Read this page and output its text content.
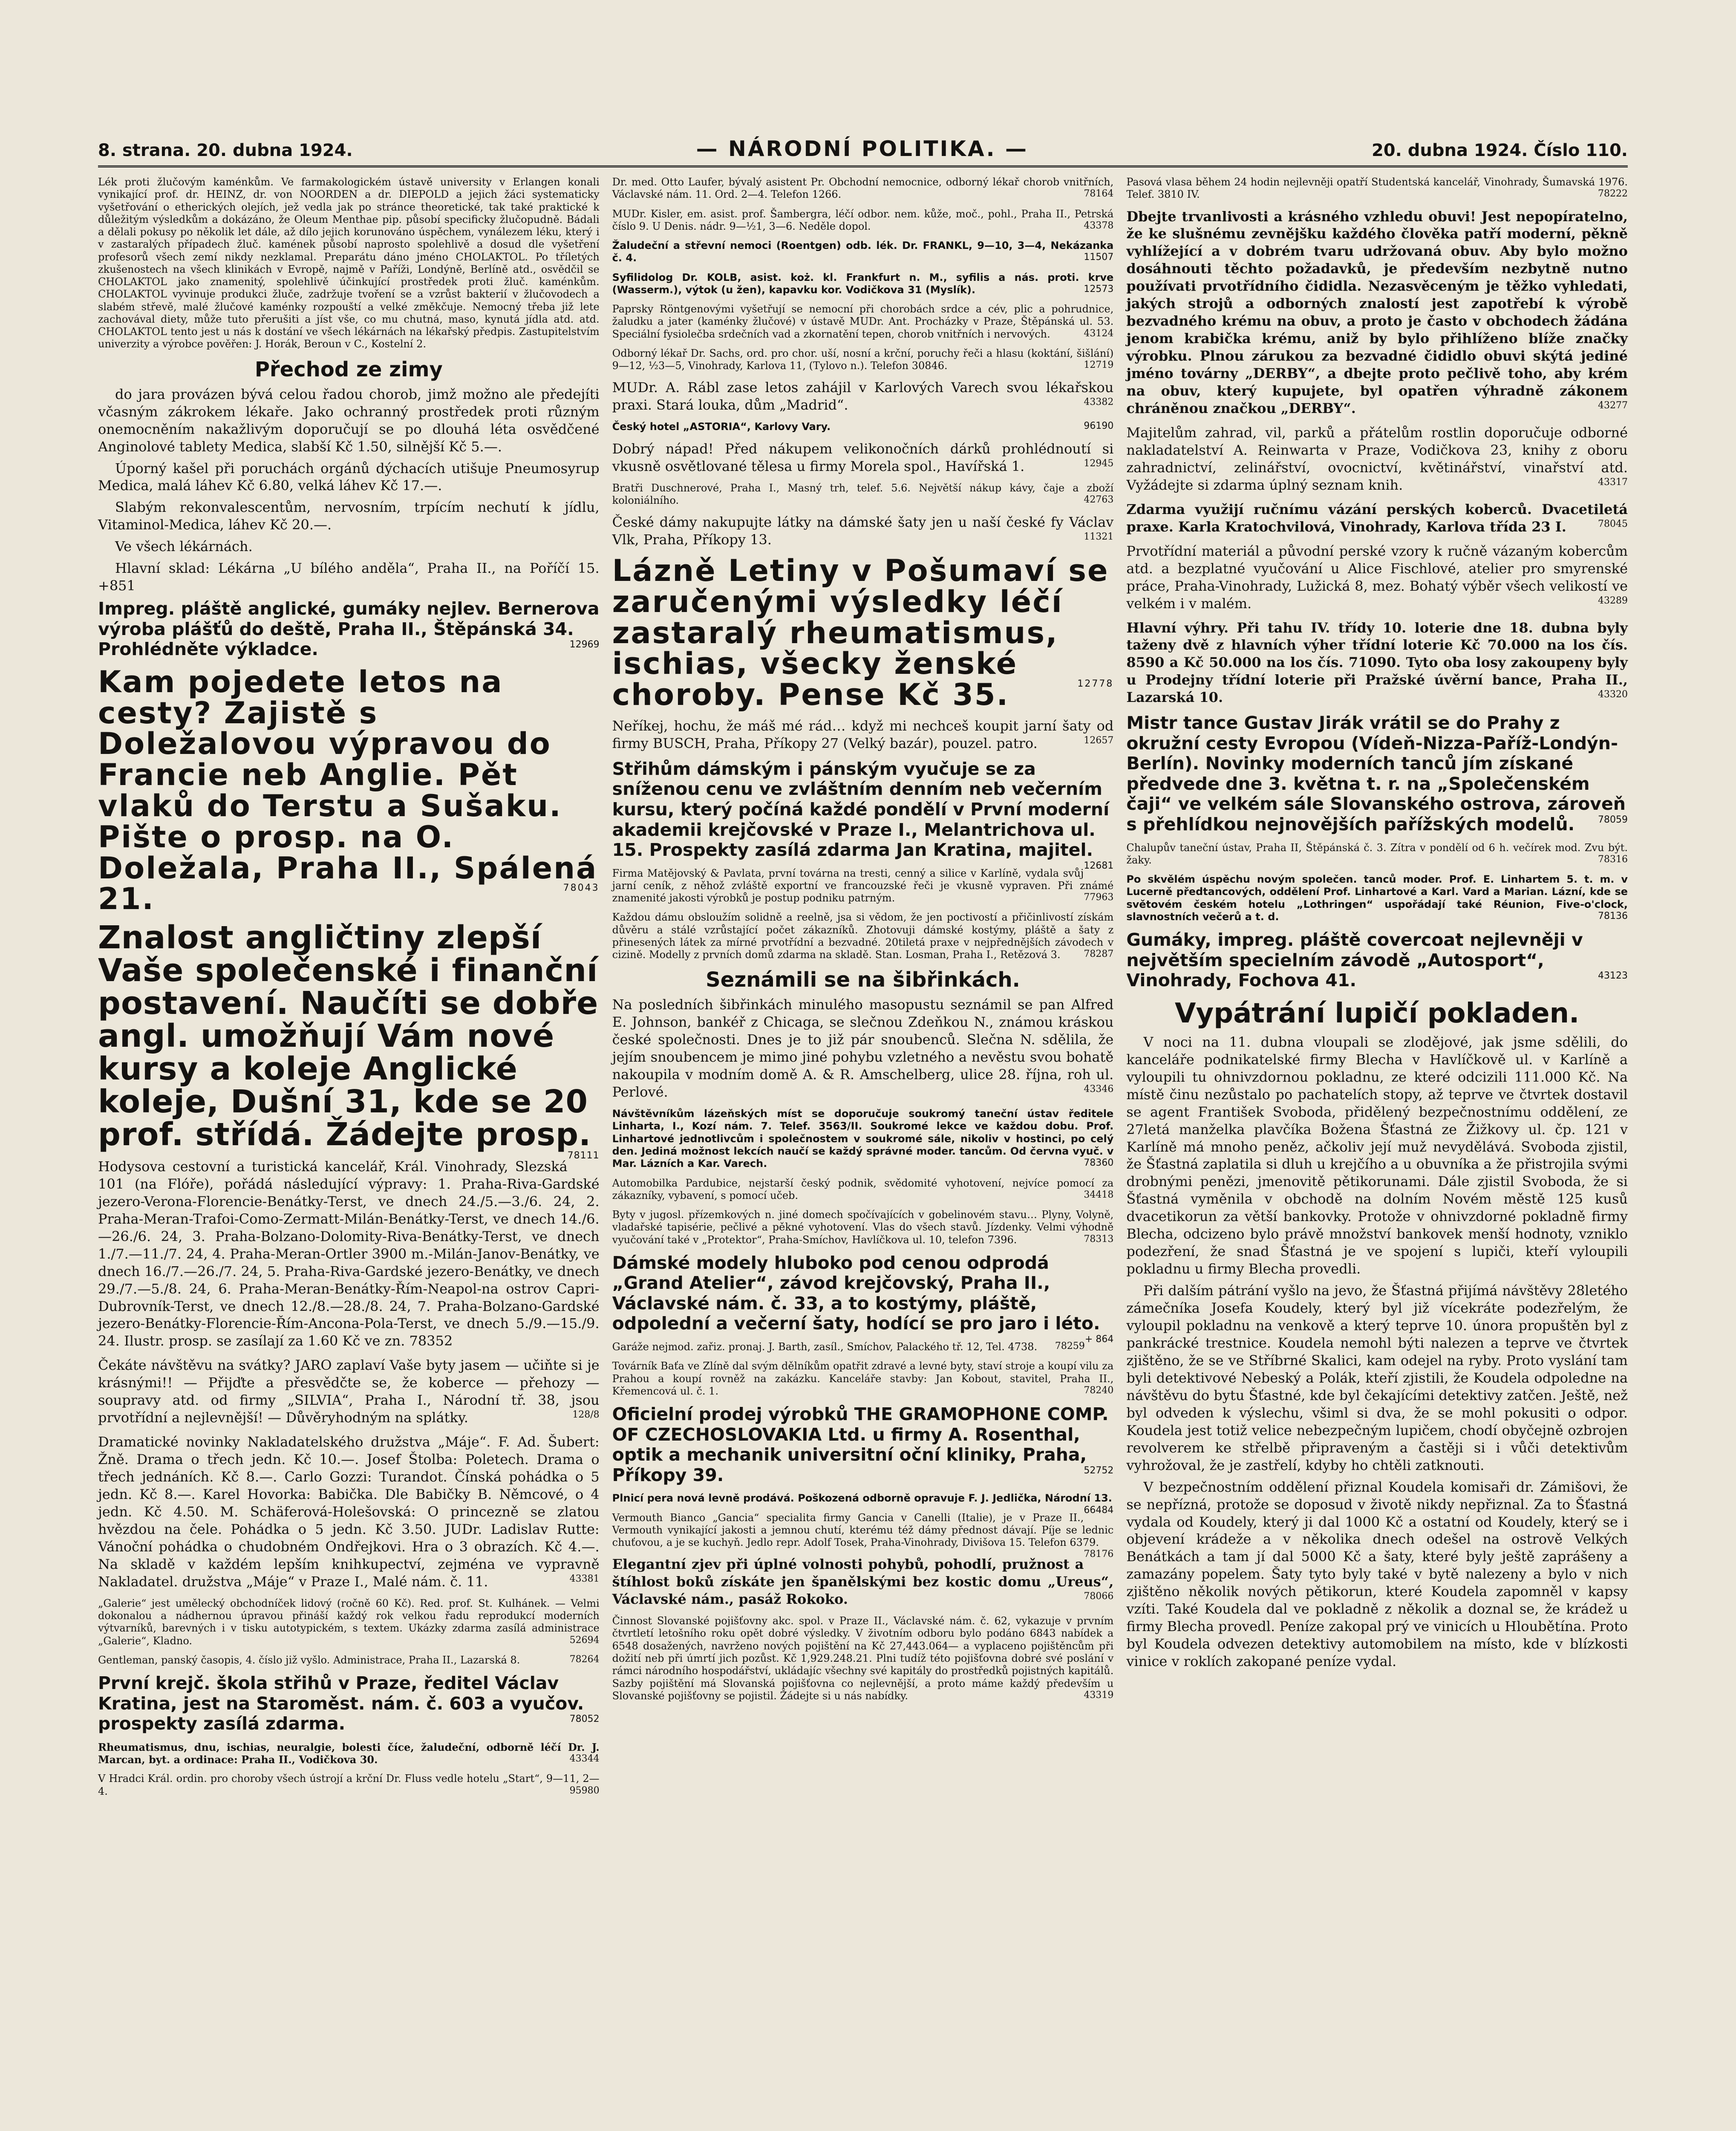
8. strana. 20. dubna 1924.	— NÁRODNÍ POLITIKA. —	20. dubna 1924. Číslo 110.

Lék proti žlučovým kaménkům. Ve farmakologickém ústavě university v Erlangen konali vynikající prof. dr. HEINZ, dr. von NOORDEN a dr. DIEPOLD a jejich žáci systematicky vyšetřování o etherických olejích, jež vedla jak po stránce theoretické, tak také praktické k důležitým výsledkům a dokázáno, že Oleum Menthae pip. působí specificky žlučopudně. Bádali a dělali pokusy po několik let dále, až dílo jejich korunováno úspěchem, vynálezem léku, který i v zastaralých případech žluč. kamének působí naprosto spolehlivě a dosud dle vyšetření profesorů všech zemí nikdy nezklamal. Preparátu dáno jméno CHOLAKTOL. Po tříletých zkušenostech na všech klinikách v Evropě, najmě v Paříži, Londýně, Berlíně atd., osvědčil se CHOLAKTOL jako znamenitý, spolehlivě účinkující prostředek proti žluč. kaménkům. CHOLAKTOL vyvinuje produkci žluče, zadržuje tvoření se a vzrůst bakterií v žlučovodech a slabém střevě, malé žlučové kaménky rozpouští a velké změkčuje. Nemocný třeba již lete zachovával diety, může tuto přerušiti a jíst vše, co mu chutná, maso, kynutá jídla atd. atd. CHOLAKTOL tento jest u nás k dostání ve všech lékárnách na lékařský předpis. Zastupitelstvím univerzity a výrobce pověřen: J. Horák, Beroun v C., Kostelní 2.

Přechod ze zimy

do jara provázen bývá celou řadou chorob, jimž možno ale předejíti včasným zákrokem lékaře. Jako ochranný prostředek proti různým onemocněním nakažlivým doporučují se po dlouhá léta osvědčené Anginolové tablety Medica, slabší Kč 1.50, silnější Kč 5.—.

Úporný kašel při poruchách orgánů dýchacích utišuje Pneumosyrup Medica, malá láhev Kč 6.80, velká láhev Kč 17.—.

Slabým rekonvalescentům, nervosním, trpícím nechutí k jídlu, Vitaminol-Medica, láhev Kč 20.—.

Ve všech lékárnách.

Hlavní sklad: Lékárna „U bílého anděla“, Praha II., na Poříčí 15. +851

Impreg. pláště anglické, gumáky nejlev. Bernerova výroba plášťů do deště, Praha II., Štěpánská 34. Prohlédněte výkladce.	12969

Kam pojedete letos na cesty? Zajistě s Doležalovou výpravou do Francie neb Anglie. Pět vlaků do Terstu a Sušaku. Pište o prosp. na O. Doležala, Praha II., Spálená 21.	78043

Znalost angličtiny zlepší Vaše společenské i finanční postavení. Naučíti se dobře angl. umožňují Vám nové kursy a koleje Anglické koleje, Dušní 31, kde se 20 prof. střídá. Žádejte prosp.
78111

Hodysova cestovní a turistická kancelář, Král. Vinohrady, Slezská 101 (na Flóře), pořádá následující výpravy: 1. Praha-Riva-Gardské jezero-Verona-Florencie-Benátky-Terst, ve dnech 24./5.—3./6. 24, 2. Praha-Meran-Trafoi-Como-Zermatt-Milán-Benátky-Terst, ve dnech 14./6.—26./6. 24, 3. Praha-Bolzano-Dolomity-Riva-Benátky-Terst, ve dnech 1./7.—11./7. 24, 4. Praha-Meran-Ortler 3900 m.-Milán-Janov-Benátky, ve dnech 16./7.—26./7. 24, 5. Praha-Riva-Gardské jezero-Benátky, ve dnech 29./7.—5./8. 24, 6. Praha-Meran-Benátky-Řím-Neapol-na ostrov Capri-Dubrovník-Terst, ve dnech 12./8.—28./8. 24, 7. Praha-Bolzano-Gardské jezero-Benátky-Florencie-Řím-Ancona-Pola-Terst, ve dnech 5./9.—15./9. 24. Ilustr. prosp. se zasílají za 1.60 Kč ve zn. 78352

Čekáte návštěvu na svátky? JARO zaplaví Vaše byty jasem — učiňte si je krásnými!! — Přijďte a přesvědčte se, že koberce — přehozy — soupravy atd. od firmy „SILVIA“, Praha I., Národní tř. 38, jsou prvotřídní a nejlevnější! — Důvěryhodným na splátky.	128/8

Dramatické novinky Nakladatelského družstva „Máje“. F. Ad. Šubert: Žně. Drama o třech jedn. Kč 10.—. Josef Štolba: Poletech. Drama o třech jednáních. Kč 8.—. Carlo Gozzi: Turandot. Čínská pohádka o 5 jedn. Kč 8.—. Karel Hovorka: Babička. Dle Babičky B. Němcové, o 4 jedn. Kč 4.50. M. Schäferová-Holešovská: O princezně se zlatou hvězdou na čele. Pohádka o 5 jedn. Kč 3.50. JUDr. Ladislav Rutte: Vánoční pohádka o chudobném Ondřejkovi. Hra o 3 obrazích. Kč 4.—. Na skladě v každém lepším knihkupectví, zejména ve vypravně Nakladatel. družstva „Máje“ v Praze I., Malé nám. č. 11.	43381

„Galerie“ jest umělecký obchodníček lidový (ročně 60 Kč). Red. prof. St. Kulhánek. — Velmi dokonalou a nádhernou úpravou přináší každý rok velkou řadu reprodukcí moderních výtvarníků, barevných i v tisku autotypickém, s textem. Ukázky zdarma zasílá administrace „Galerie“, Kladno.	52694

Gentleman, panský časopis, 4. číslo již vyšlo. Administrace, Praha II., Lazarská 8.	78264

První krejč. škola střihů v Praze, ředitel Václav Kratina, jest na Staroměst. nám. č. 603 a vyučov. prospekty zasílá zdarma.	78052

Rheumatismus, dnu, ischias, neuralgie, bolesti číce, žaludeční, odborně léčí Dr. J. Marcan, byt. a ordinace: Praha II., Vodičkova 30.	43344

V Hradci Král. ordin. pro choroby všech ústrojí a krční Dr. Fluss vedle hotelu „Start“, 9—11, 2—4.	95980

Dr. med. Otto Laufer, bývalý asistent Pr. Obchodní nemocnice, odborný lékař chorob vnitřních, Václavské nám. 11. Ord. 2—4. Telefon 1266.	78164

MUDr. Kisler, em. asist. prof. Šambergra, léčí odbor. nem. kůže, moč., pohl., Praha II., Petrská číslo 9. U Denis. nádr. 9—½1, 3—6. Neděle dopol.	43378

Žaludeční a střevní nemoci (Roentgen) odb. lék. Dr. FRANKL, 9—10, 3—4, Nekázanka č. 4.	11507

Syfilidolog Dr. KOLB, asist. koż. kl. Frankfurt n. M., syfilis a nás. proti. krve (Wasserm.), výtok (u žen), kapavku kor. Vodičkova 31 (Myslík).	12573

Paprsky Röntgenovými vyšetřují se nemocní při chorobách srdce a cév, plic a pohrudnice, žaludku a jater (kaménky žlučové) v ústavě MUDr. Ant. Procházky v Praze, Štěpánská ul. 53. Speciální fysiolečba srdečních vad a zkornatění tepen, chorob vnitřních i nervových.	43124

Odborný lékař Dr. Sachs, ord. pro chor. uší, nosní a krční, poruchy řeči a hlasu (koktání, šišlání) 9—12, ½3—5, Vinohrady, Karlova 11, (Tylovo n.). Telefon 30846.	12719

MUDr. A. Rábl zase letos zahájil v Karlových Varech svou lékařskou praxi. Stará louka, dům „Madrid“.	43382

Český hotel „ASTORIA“, Karlovy Vary.	96190

Dobrý nápad! Před nákupem velikonočních dárků prohlédnoutí si vkusně osvětlované tělesa u firmy Morela spol., Havířská 1.	12945

Bratři Duschnerové, Praha I., Masný trh, telef. 5.6. Největší nákup kávy, čaje a zboží koloniálního.	42763

České dámy nakupujte látky na dámské šaty jen u naší české fy Václav Vlk, Praha, Příkopy 13.	11321

Lázně Letiny v Pošumaví se zaručenými výsledky léčí zastaralý rheumatismus, ischias, všecky ženské choroby. Pense Kč 35.	12778

Neříkej, hochu, že máš mé rád… když mi nechceš koupit jarní šaty od firmy BUSCH, Praha, Příkopy 27 (Velký bazár), pouzel. patro.	12657

Střihům dámským i pánským vyučuje se za sníženou cenu ve zvláštním denním neb večerním kursu, který počíná každé pondělí v První moderní akademii krejčovské v Praze I., Melantrichova ul. 15. Prospekty zasílá zdarma Jan Kratina, majitel.
12681

Firma Matějovský & Pavlata, první továrna na tresti, cenný a silice v Karlíně, vydala svůj jarní ceník, z něhož zvláště exportní ve francouzské řeči je vkusně vypraven. Při známé znamenité jakosti výrobků je postup podniku patrným.	77963

Každou dámu obsloužím solidně a reelně, jsa si vědom, že jen poctivostí a přičinlivostí získám důvěru a stálé vzrůstající počet zákazníků. Zhotovuji dámské kostýmy, pláště a šaty z přinesených látek za mírné prvotřídní a bezvadné. 20tiletá praxe v nejpřednějších závodech v cizině. Modelly z prvních domů zdarma na skladě. Stan. Losman, Praha I., Retězová 3. 78287

Seznámili se na šibřinkách.

Na posledních šibřinkách minulého masopustu seznámil se pan Alfred E. Johnson, bankéř z Chicaga, se slečnou Zdeňkou N., známou kráskou české společnosti. Dnes je to již pár snoubenců. Slečna N. sdělila, že jejím snoubencem je mimo jiné pohybu vzletného a nevěstu svou bohatě nakoupila v modním domě A. & R. Amschelberg, ulice 28. října, roh ul. Perlové.	43346

Návštěvníkům lázeňských míst se doporučuje soukromý taneční ústav ředitele Linharta, I., Kozí nám. 7. Telef. 3563/II. Soukromé lekce ve každou dobu. Prof. Linhartové jednotlivcům i společnostem v soukromé sále, nikoliv v hostinci, po celý den. Jediná možnost lekcích naučí se každý správné moder. tancům. Od června vyuč. v Mar. Lázních a Kar. Varech.	78360

Automobilka Pardubice, nejstarší český podnik, svědomité vyhotovení, nejvíce pomocí za zákazníky, vybavení, s pomocí učeb.	34418

Byty v jugosl. přízemkových n. jiné domech spočívajících v gobelinovém stavu… Plyny, Volyně, vladařské tapisérie, pečlivé a pěkné vyhotovení. Vlas do všech stavů. Jízdenky. Velmi výhodně vyučování také v „Protektor“, Praha-Smíchov, Havlíčkova ul. 10, telefon 7396.	78313

Dámské modely hluboko pod cenou odprodá „Grand Atelier“, závod krejčovský, Praha II., Václavské nám. č. 33, a to kostýmy, pláště, odpolední a večerní šaty, hodící se pro jaro i léto.
+ 864

Garáže nejmod. zařiz. pronaj. J. Barth, zasíl., Smíchov, Palackého tř. 12, Tel. 4738. 78259

Továrník Baťa ve Zlíně dal svým dělníkům opatřit zdravé a levné byty, staví stroje a koupí vilu za Prahou a koupí rovněž na zakázku. Kanceláře stavby: Jan Kobout, stavitel, Praha II., Křemencová ul. č. 1.	78240

Oficielní prodej výrobků THE GRAMOPHONE COMP. OF CZECHOSLOVAKIA Ltd. u firmy A. Rosenthal, optik a mechanik universitní oční kliniky, Praha, Příkopy 39.	52752

Plnicí pera nová levně prodává. Poškozená odborně opravuje F. J. Jedlička, Národní 13.
66484

Vermouth Bianco „Gancia“ specialita firmy Gancia v Canelli (Italie), je v Praze II., Vermouth vynikající jakosti a jemnou chutí, kterému též dámy přednost dávají. Píje se lednic chuťovou, a je se kuchyň. Jedlo repr. Adolf Tosek, Praha-Vinohrady, Divišova 15. Telefon 6379.
78176

Elegantní zjev při úplné volnosti pohybů, pohodlí, pružnost a štíhlost boků získáte jen španělskými bez kostic domu „Ureus“, Václavské nám., pasáž Rokoko.	78066

Činnost Slovanské pojišťovny akc. spol. v Praze II., Václavské nám. č. 62, vykazuje v prvním čtvrtletí letošního roku opět dobré výsledky. V životním odboru bylo podáno 6843 nabídek a 6548 dosažených, navrženo nových pojištění na Kč 27,443.064— a vyplaceno pojištěncům při dožití neb při úmrtí jich pozůst. Kč 1,929.248.21. Plni tudíž této pojišťovna dobré své poslání v rámci národního hospodářství, ukládajíc všechny své kapitály do prostředků pojistných kapitálů. Sazby pojištění má Slovanská pojišťovna co nejlevnější, a proto máme každý především u Slovanské pojišťovny se pojistil. Žádejte si u nás nabídky.	43319

Pasová vlasa během 24 hodin nejlevněji opatří Studentská kancelář, Vinohrady, Šumavská 1976. Telef. 3810 IV.	78222

Dbejte trvanlivosti a krásného vzhledu obuvi! Jest nepopíratelno, že ke slušnému zevnějšku každého člověka patří moderní, pěkně vyhlížející a v dobrém tvaru udržovaná obuv. Aby bylo možno dosáhnouti těchto požadavků, je především nezbytně nutno používati prvotřídního čididla. Nezasvěceným je těžko vyhledati, jakých strojů a odborných znalostí jest zapotřebí k výrobě bezvadného krému na obuv, a proto je často v obchodech žádána jenom krabička krému, aniž by bylo přihlíženo blíže značky výrobku. Plnou zárukou za bezvadné čididlo obuvi skýtá jediné jméno továrny „DERBY“, a dbejte proto pečlivě toho, aby krém na obuv, který kupujete, byl opatřen výhradně zákonem chráněnou značkou „DERBY“.	43277

Majitelům zahrad, vil, parků a přátelům rostlin doporučuje odborné nakladatelství A. Reinwarta v Praze, Vodičkova 23, knihy z oboru zahradnictví, zelinářství, ovocnictví, květinářství, vinařství atd. Vyžádejte si zdarma úplný seznam knih.	43317

Zdarma využijí ručnímu vázání perských koberců. Dvacetiletá praxe. Karla Kratochvilová, Vinohrady, Karlova třída 23 I.	78045

Prvotřídní materiál a původní perské vzory k ručně vázaným kobercům atd. a bezplatné vyučování u Alice Fischlové, atelier pro smyrenské práce, Praha-Vinohrady, Lužická 8, mez. Bohatý výběr všech velikostí ve velkém i v malém.	43289

Hlavní výhry. Při tahu IV. třídy 10. loterie dne 18. dubna byly taženy dvě z hlavních výher třídní loterie Kč 70.000 na los čís. 8590 a Kč 50.000 na los čís. 71090. Tyto oba losy zakoupeny byly u Prodejny třídní loterie při Pražské úvěrní bance, Praha II., Lazarská 10.	43320

Mistr tance Gustav Jirák vrátil se do Prahy z okružní cesty Evropou (Vídeň-Nizza-Paříž-Londýn-Berlín). Novinky moderních tanců jím získané předvede dne 3. května t. r. na „Společenském čaji“ ve velkém sále Slovanského ostrova, zároveň s přehlídkou nejnovějších pařížských modelů. 78059

Chalupův taneční ústav, Praha II, Štěpánská č. 3. Zítra v pondělí od 6 h. večírek mod. Zvu být. žaky.	78316

Po skvělém úspěchu novým společen. tanců moder. Prof. E. Linhartem 5. t. m. v Lucerně předtancových, oddělení Prof. Linhartové a Karl. Vard a Marian. Lázní, kde se světovém českém hotelu „Lothringen“ uspořádají také Réunion, Five-o'clock, slavnostních večerů a t. d.	78136

Gumáky, impreg. pláště covercoat nejlevněji v největším specielním závodě „Autosport“, Vinohrady, Fochova 41.	43123

Vypátrání lupičí pokladen.

V noci na 11. dubna vloupali se zlodějové, jak jsme sdělili, do kanceláře podnikatelské firmy Blecha v Havlíčkově ul. v Karlíně a vyloupili tu ohnivzdornou pokladnu, ze které odcizili 111.000 Kč. Na místě činu nezůstalo po pachatelích stopy, až teprve ve čtvrtek dostavil se agent František Svoboda, přidělený bezpečnostnímu oddělení, ze 27letá manželka plavčíka Božena Šťastná ze Žižkovy ul. čp. 121 v Karlíně má mnoho peněz, ačkoliv její muž nevydělává. Svoboda zjistil, že Šťastná zaplatila si dluh u krejčího a u obuvníka a že přistrojila svými drobnými penězi, jmenovitě pětikorunami. Dále zjistil Svoboda, že si Šťastná vyměnila v obchodě na dolním Novém městě 125 kusů dvacetikorun za větší bankovky. Protože v ohnivzdorné pokladně firmy Blecha, odcizeno bylo právě množství bankovek menší hodnoty, vzniklo podezření, že snad Šťastná je ve spojení s lupiči, kteří vyloupili pokladnu u firmy Blecha provedli.

Při dalším pátrání vyšlo na jevo, že Šťastná přijímá návštěvy 28letého zámečníka Josefa Koudely, který byl již vícekráte podezřelým, že vyloupil pokladnu na venkově a který teprve 10. února propuštěn byl z pankrácké trestnice. Koudela nemohl býti nalezen a teprve ve čtvrtek zjištěno, že se ve Stříbrné Skalici, kam odejel na ryby. Proto vyslání tam byli detektivové Nebeský a Polák, kteří zjistili, že Koudela odpoledne na návštěvu do bytu Šťastné, kde byl čekajícími detektivy zatčen. Ještě, než byl odveden k výslechu, všiml si dva, že se mohl pokusiti o odpor. Koudela jest totiž velice nebezpečným lupičem, chodí obyčejně ozbrojen revolverem ke střelbě připraveným a častěji si i vůči detektivům vyhrožoval, že je zastřelí, kdyby ho chtěli zatknouti.

V bezpečnostním oddělení přiznal Koudela komisaři dr. Zámišovi, že se nepřízná, protože se doposud v životě nikdy nepřiznal. Za to Šťastná vydala od Koudely, který ji dal 1000 Kč a ostatní od Koudely, který se i objevení krádeže a v několika dnech odešel na ostrově Velkých Benátkách a tam jí dal 5000 Kč a šaty, které byly ještě zaprášeny a zamazány popelem. Šaty tyto byly také v bytě nalezeny a bylo v nich zjištěno několik nových pětikorun, které Koudela zapomněl v kapsy vzíti. Také Koudela dal ve pokladně z několik a doznal se, že krádež u firmy Blecha provedl. Peníze zakopal prý ve vinicích u Hloubětína. Proto byl Koudela odvezen detektivy automobilem na místo, kde v blízkosti vinice v roklích zakopané peníze vydal.
